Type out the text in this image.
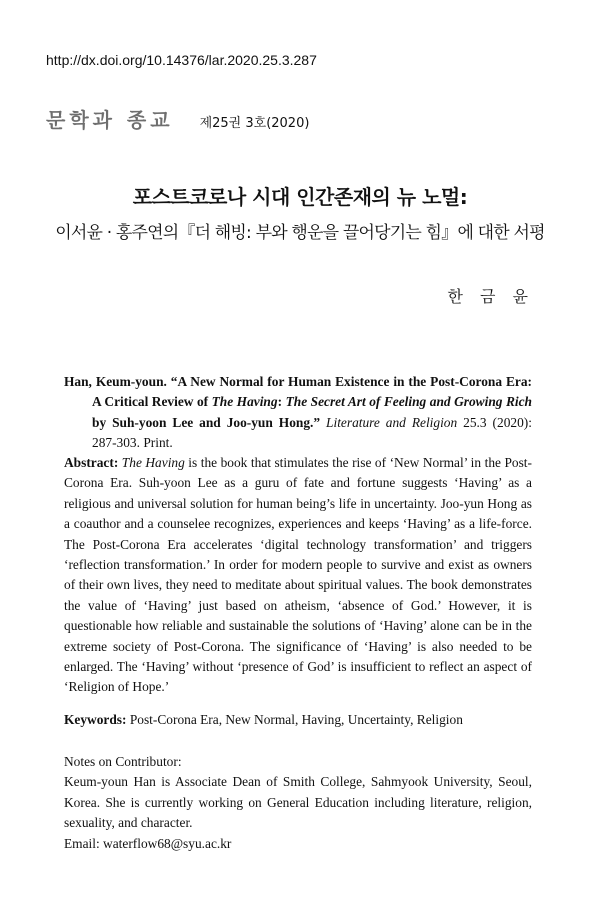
http://dx.doi.org/10.14376/lar.2020.25.3.287
문학과 종교 제25권 3호(2020)
포스트코로나 시대 인간존재의 뉴 노멀:
이서윤 · 홍주연의『더 해빙: 부와 행운을 끌어당기는 힘』에 대한 서평
한 금 윤
Han, Keum-youn. “A New Normal for Human Existence in the Post-Corona Era: A Critical Review of The Having: The Secret Art of Feeling and Growing Rich by Suh-yoon Lee and Joo-yun Hong.” Literature and Religion 25.3 (2020): 287-303. Print.
Abstract: The Having is the book that stimulates the rise of ‘New Normal’ in the Post-Corona Era. Suh-yoon Lee as a guru of fate and fortune suggests ‘Having’ as a religious and universal solution for human being’s life in uncertainty. Joo-yun Hong as a coauthor and a counselee recognizes, experiences and keeps ‘Having’ as a life-force. The Post-Corona Era accelerates ‘digital technology transformation’ and triggers ‘reflection transformation.’ In order for modern people to survive and exist as owners of their own lives, they need to meditate about spiritual values. The book demonstrates the value of ‘Having’ just based on atheism, ‘absence of God.’ However, it is questionable how reliable and sustainable the solutions of ‘Having’ alone can be in the extreme society of Post-Corona. The significance of ‘Having’ is also needed to be enlarged. The ‘Having’ without ‘presence of God’ is insufficient to reflect an aspect of ‘Religion of Hope.’
Keywords: Post-Corona Era, New Normal, Having, Uncertainty, Religion
Notes on Contributor:
Keum-youn Han is Associate Dean of Smith College, Sahmyook University, Seoul, Korea. She is currently working on General Education including literature, religion, sexuality, and character.
Email: waterflow68@syu.ac.kr
